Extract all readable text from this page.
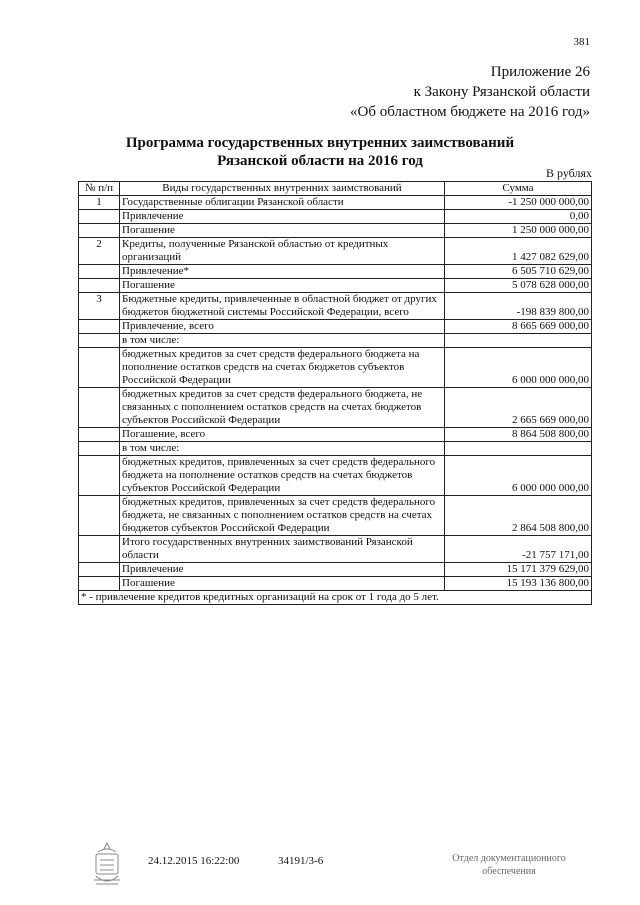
381
Приложение 26
к Закону Рязанской области
«Об областном бюджете на 2016 год»
Программа государственных внутренних заимствований
Рязанской области на 2016 год
В рублях
№ п/п	Виды государственных внутренних заимствований	Сумма
1	Государственные облигации Рязанской области	-1 250 000 000,00
	Привлечение	0,00
	Погашение	1 250 000 000,00
2	Кредиты, полученные Рязанской областью от кредитных организаций	1 427 082 629,00
	Привлечение*	6 505 710 629,00
	Погашение	5 078 628 000,00
3	Бюджетные кредиты, привлеченные в областной бюджет от других бюджетов бюджетной системы Российской Федерации, всего	-198 839 800,00
	Привлечение, всего	8 665 669 000,00
	в том числе:	
	бюджетных кредитов за счет средств федерального бюджета на пополнение остатков средств на счетах бюджетов субъектов Российской Федерации	6 000 000 000,00
	бюджетных кредитов за счет средств федерального бюджета, не связанных с пополнением остатков средств на счетах бюджетов субъектов Российской Федерации	2 665 669 000,00
	Погашение, всего	8 864 508 800,00
	в том числе:	
	бюджетных кредитов, привлеченных за счет средств федерального бюджета на пополнение остатков средств на счетах бюджетов субъектов Российской Федерации	6 000 000 000,00
	бюджетных кредитов, привлеченных за счет средств федерального бюджета, не связанных с пополнением остатков средств на счетах бюджетов субъектов Российской Федерации	2 864 508 800,00
	Итого государственных внутренних заимствований Рязанской области	-21 757 171,00
	Привлечение	15 171 379 629,00
	Погашение	15 193 136 800,00
* - привлечение кредитов кредитных организаций на срок от 1 года до 5 лет.		
24.12.2015 16:22:00	34191/3-6	Отдел документационного обеспечения
